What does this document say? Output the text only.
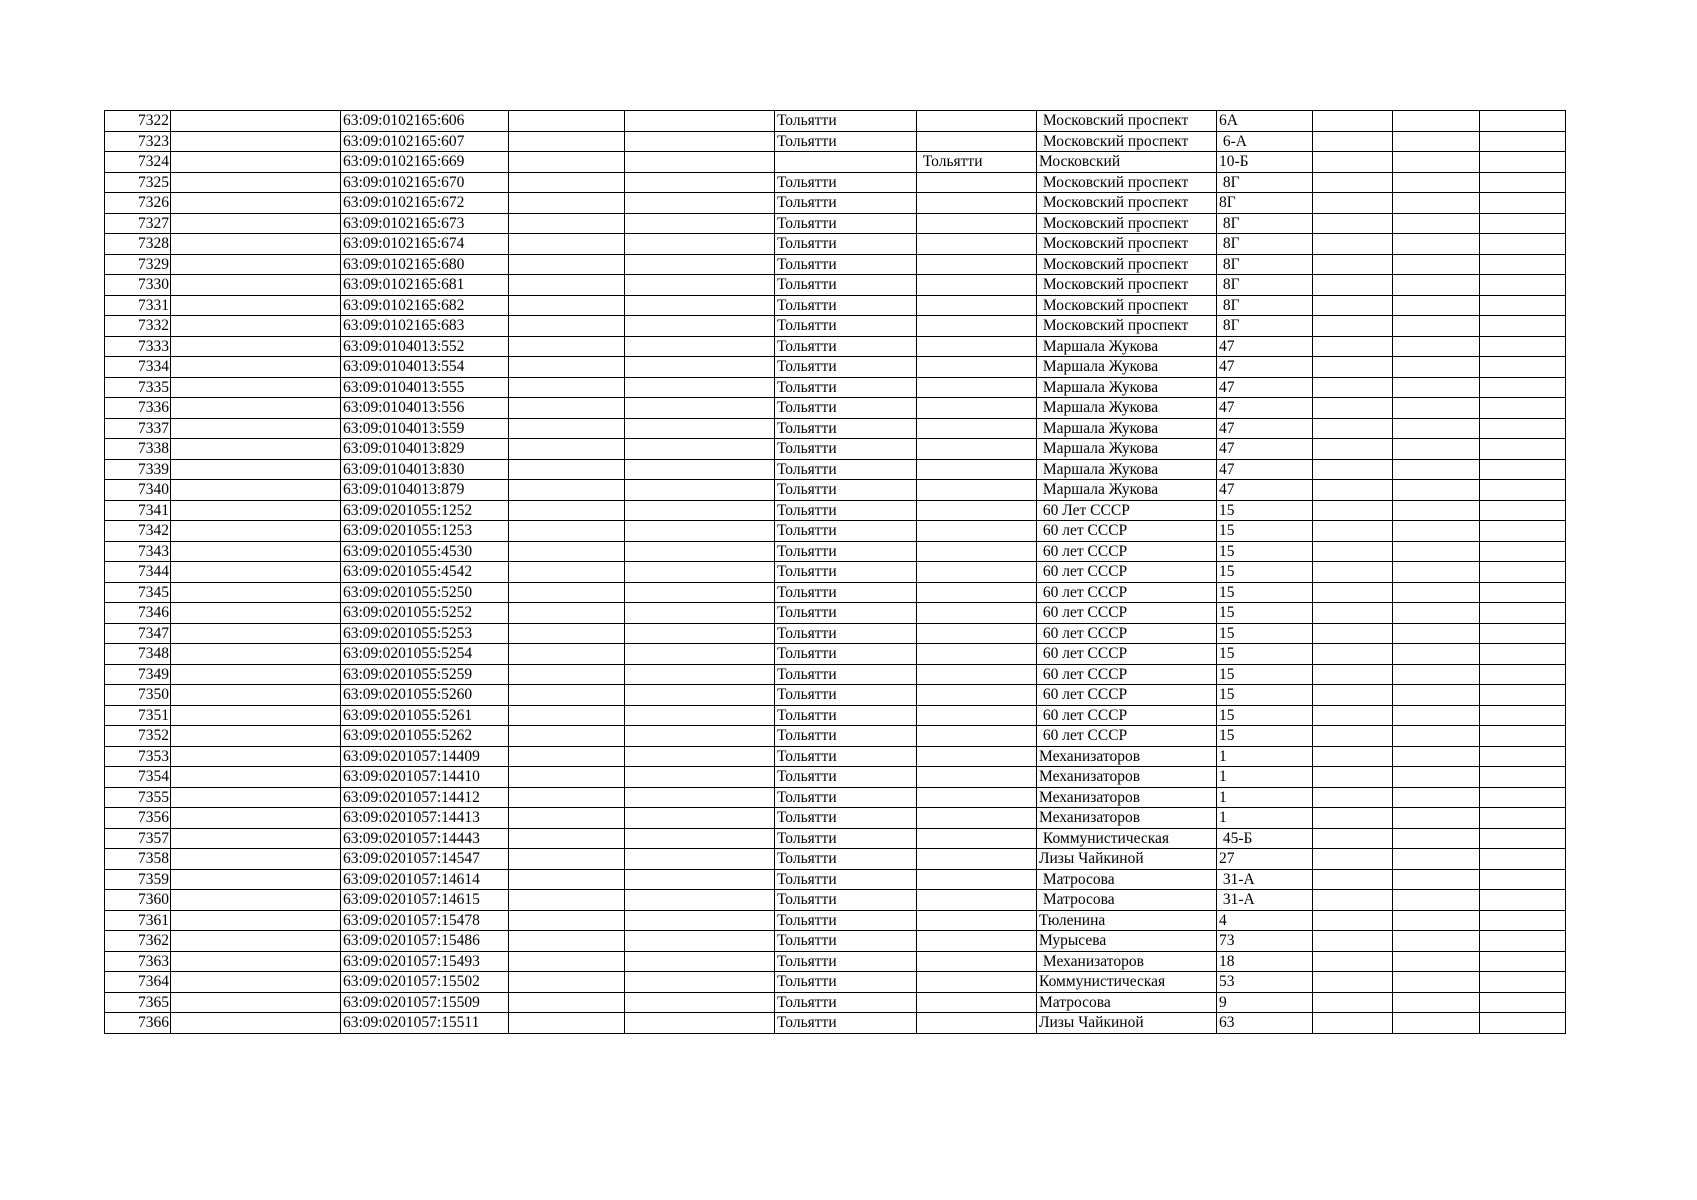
7322		63:09:0102165:606			Тольятти		Московский проспект	6А			
7323		63:09:0102165:607			Тольятти		Московский проспект	6-А			
7324		63:09:0102165:669				Тольятти	Московский	10-Б			
7325		63:09:0102165:670			Тольятти		Московский проспект	8Г			
7326		63:09:0102165:672			Тольятти		Московский проспект	8Г			
7327		63:09:0102165:673			Тольятти		Московский проспект	8Г			
7328		63:09:0102165:674			Тольятти		Московский проспект	8Г			
7329		63:09:0102165:680			Тольятти		Московский проспект	8Г			
7330		63:09:0102165:681			Тольятти		Московский проспект	8Г			
7331		63:09:0102165:682			Тольятти		Московский проспект	8Г			
7332		63:09:0102165:683			Тольятти		Московский проспект	8Г			
7333		63:09:0104013:552			Тольятти		Маршала Жукова	47			
7334		63:09:0104013:554			Тольятти		Маршала Жукова	47			
7335		63:09:0104013:555			Тольятти		Маршала Жукова	47			
7336		63:09:0104013:556			Тольятти		Маршала Жукова	47			
7337		63:09:0104013:559			Тольятти		Маршала Жукова	47			
7338		63:09:0104013:829			Тольятти		Маршала Жукова	47			
7339		63:09:0104013:830			Тольятти		Маршала Жукова	47			
7340		63:09:0104013:879			Тольятти		Маршала Жукова	47			
7341		63:09:0201055:1252			Тольятти		60 Лет СССР	15			
7342		63:09:0201055:1253			Тольятти		60 лет СССР	15			
7343		63:09:0201055:4530			Тольятти		60 лет СССР	15			
7344		63:09:0201055:4542			Тольятти		60 лет СССР	15			
7345		63:09:0201055:5250			Тольятти		60 лет СССР	15			
7346		63:09:0201055:5252			Тольятти		60 лет СССР	15			
7347		63:09:0201055:5253			Тольятти		60 лет СССР	15			
7348		63:09:0201055:5254			Тольятти		60 лет СССР	15			
7349		63:09:0201055:5259			Тольятти		60 лет СССР	15			
7350		63:09:0201055:5260			Тольятти		60 лет СССР	15			
7351		63:09:0201055:5261			Тольятти		60 лет СССР	15			
7352		63:09:0201055:5262			Тольятти		60 лет СССР	15			
7353		63:09:0201057:14409			Тольятти		Механизаторов	1			
7354		63:09:0201057:14410			Тольятти		Механизаторов	1			
7355		63:09:0201057:14412			Тольятти		Механизаторов	1			
7356		63:09:0201057:14413			Тольятти		Механизаторов	1			
7357		63:09:0201057:14443			Тольятти		Коммунистическая	45-Б			
7358		63:09:0201057:14547			Тольятти		Лизы Чайкиной	27			
7359		63:09:0201057:14614			Тольятти		Матросова	31-А			
7360		63:09:0201057:14615			Тольятти		Матросова	31-А			
7361		63:09:0201057:15478			Тольятти		Тюленина	4			
7362		63:09:0201057:15486			Тольятти		Мурысева	73			
7363		63:09:0201057:15493			Тольятти		Механизаторов	18			
7364		63:09:0201057:15502			Тольятти		Коммунистическая	53			
7365		63:09:0201057:15509			Тольятти		Матросова	9			
7366		63:09:0201057:15511			Тольятти		Лизы Чайкиной	63			
